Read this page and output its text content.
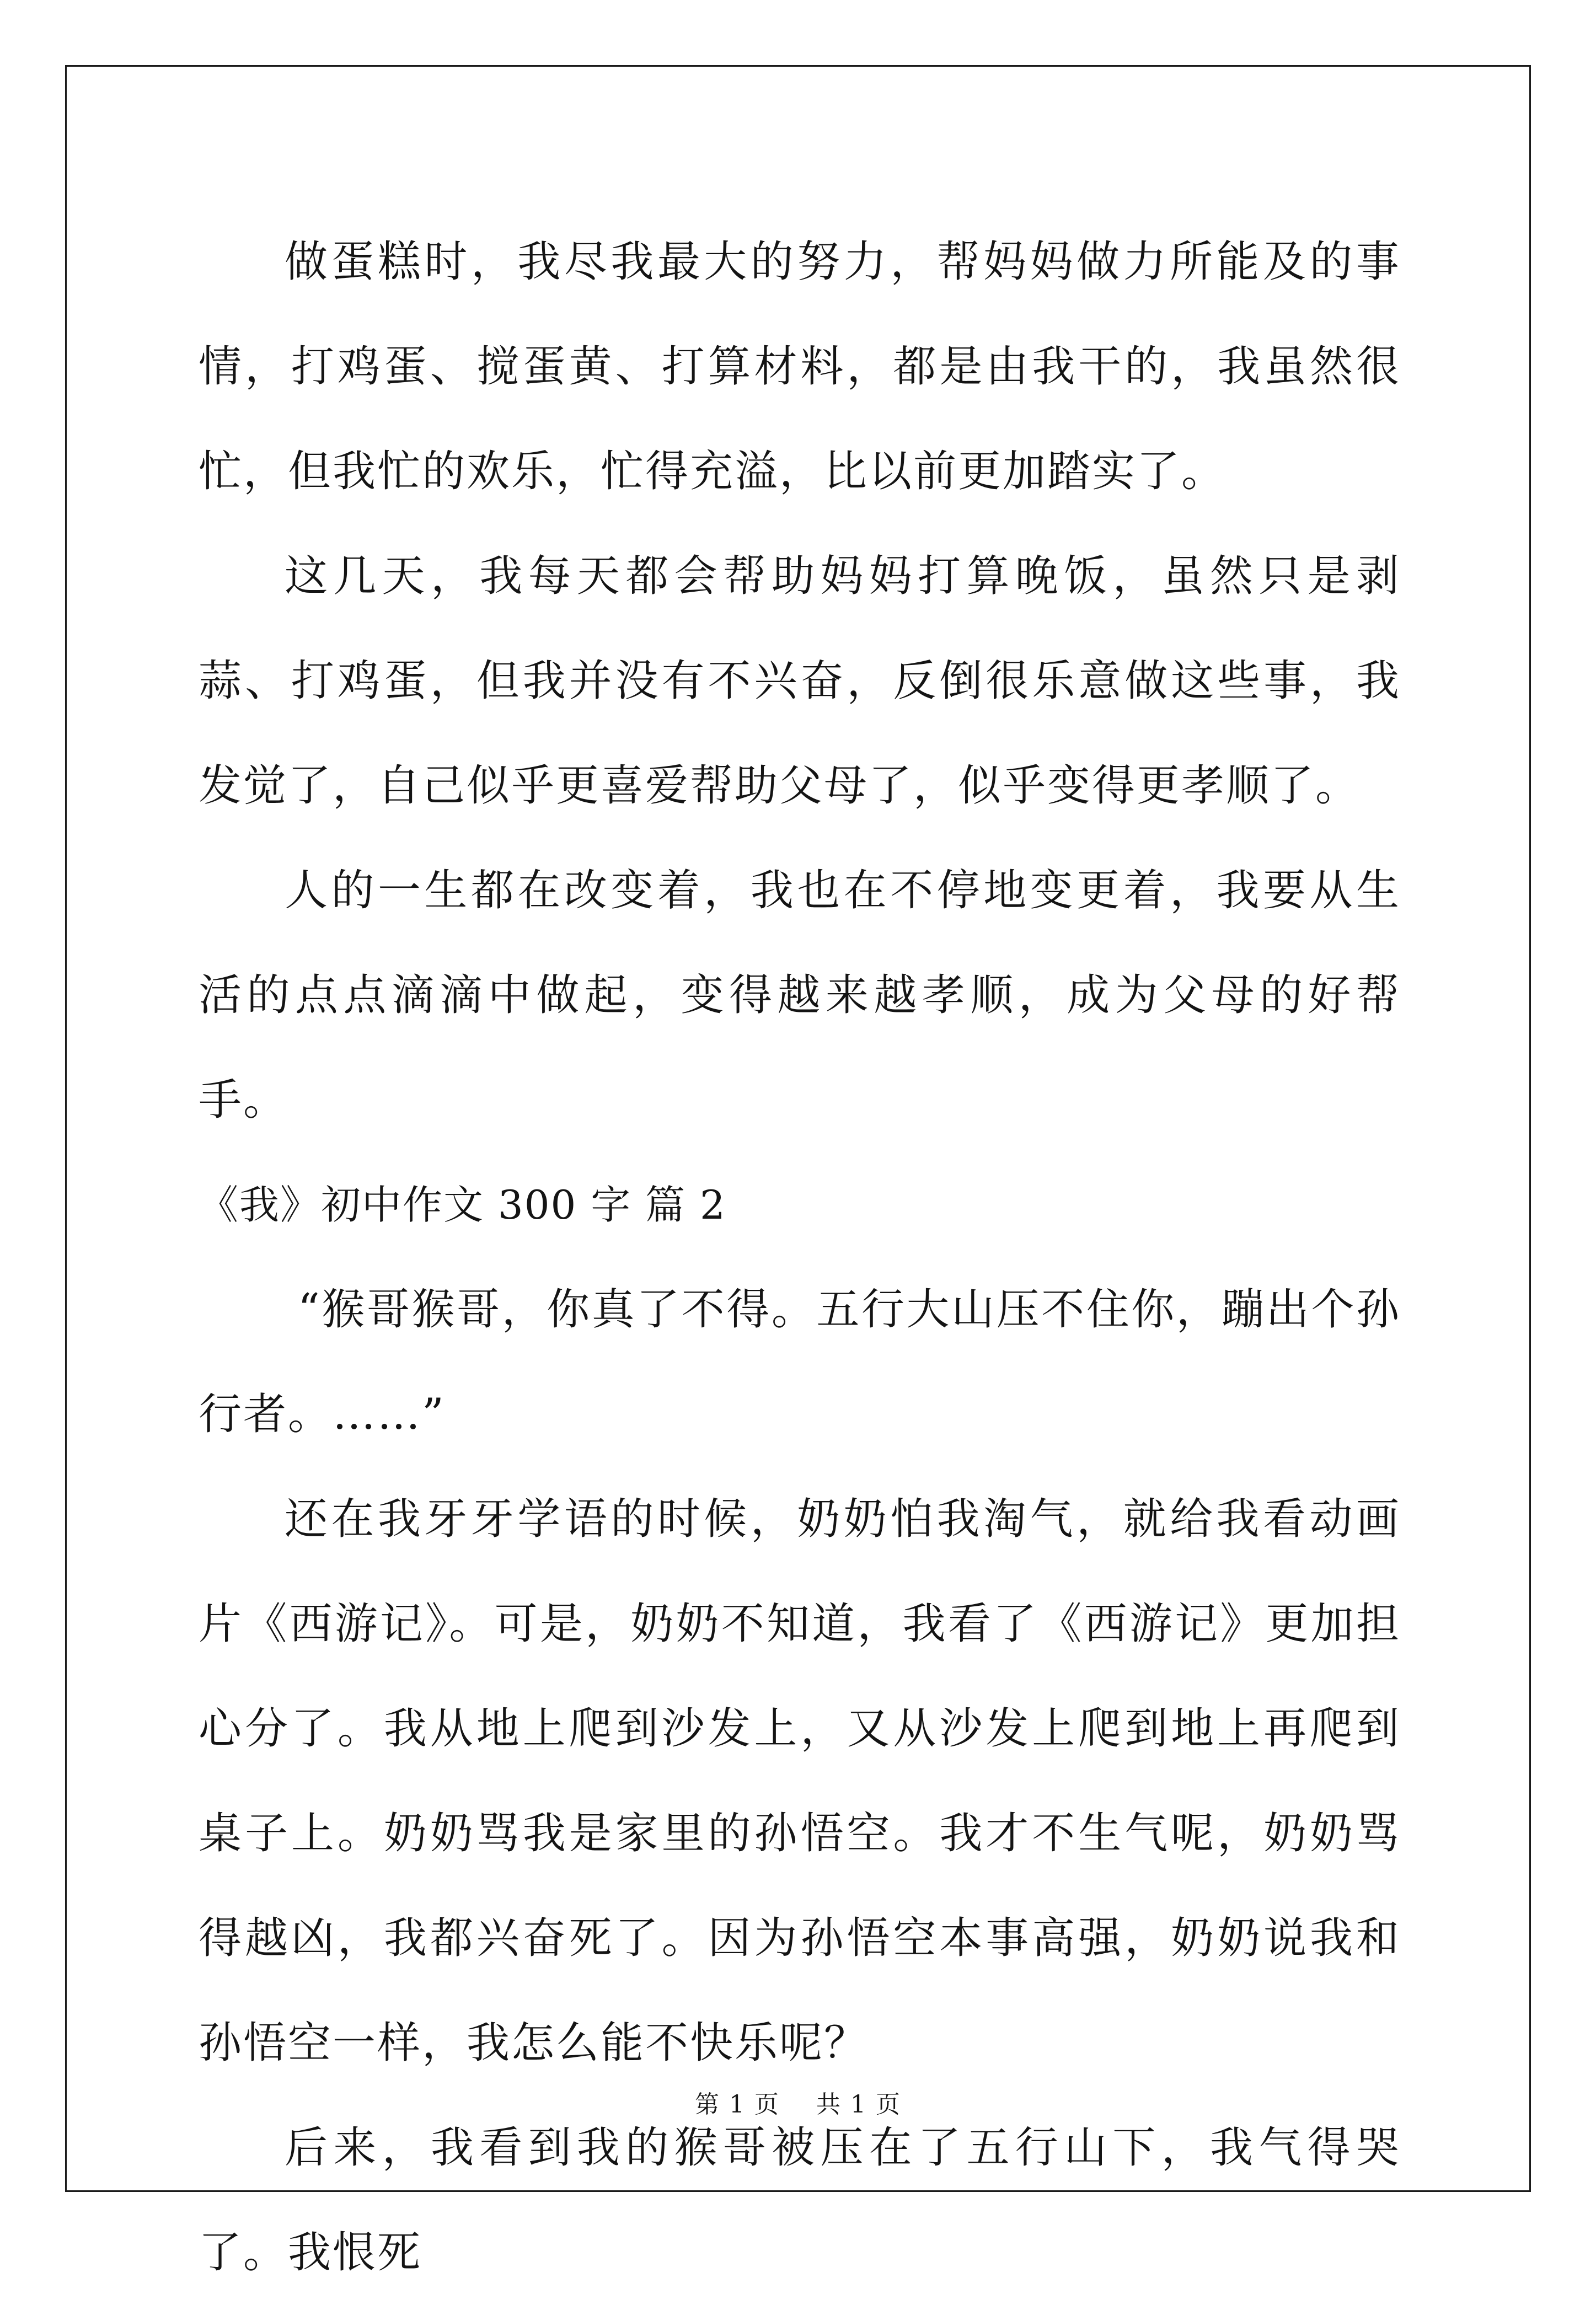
做蛋糕时，我尽我最大的努力，帮妈妈做力所能及的事情，打鸡蛋、搅蛋黄、打算材料，都是由我干的，我虽然很忙，但我忙的欢乐，忙得充溢，比以前更加踏实了。

这几天，我每天都会帮助妈妈打算晚饭，虽然只是剥蒜、打鸡蛋，但我并没有不兴奋，反倒很乐意做这些事，我发觉了，自己似乎更喜爱帮助父母了，似乎变得更孝顺了。

人的一生都在改变着，我也在不停地变更着，我要从生活的点点滴滴中做起，变得越来越孝顺，成为父母的好帮手。

《我》初中作文 300 字 篇 2

“猴哥猴哥，你真了不得。五行大山压不住你，蹦出个孙行者。……”

还在我牙牙学语的时候，奶奶怕我淘气，就给我看动画片《西游记》。可是，奶奶不知道，我看了《西游记》更加担心分了。我从地上爬到沙发上，又从沙发上爬到地上再爬到桌子上。奶奶骂我是家里的孙悟空。我才不生气呢，奶奶骂得越凶，我都兴奋死了。因为孙悟空本事高强，奶奶说我和孙悟空一样，我怎么能不快乐呢？

后来，我看到我的猴哥被压在了五行山下，我气得哭了。我恨死

第 1 页 共 1 页
